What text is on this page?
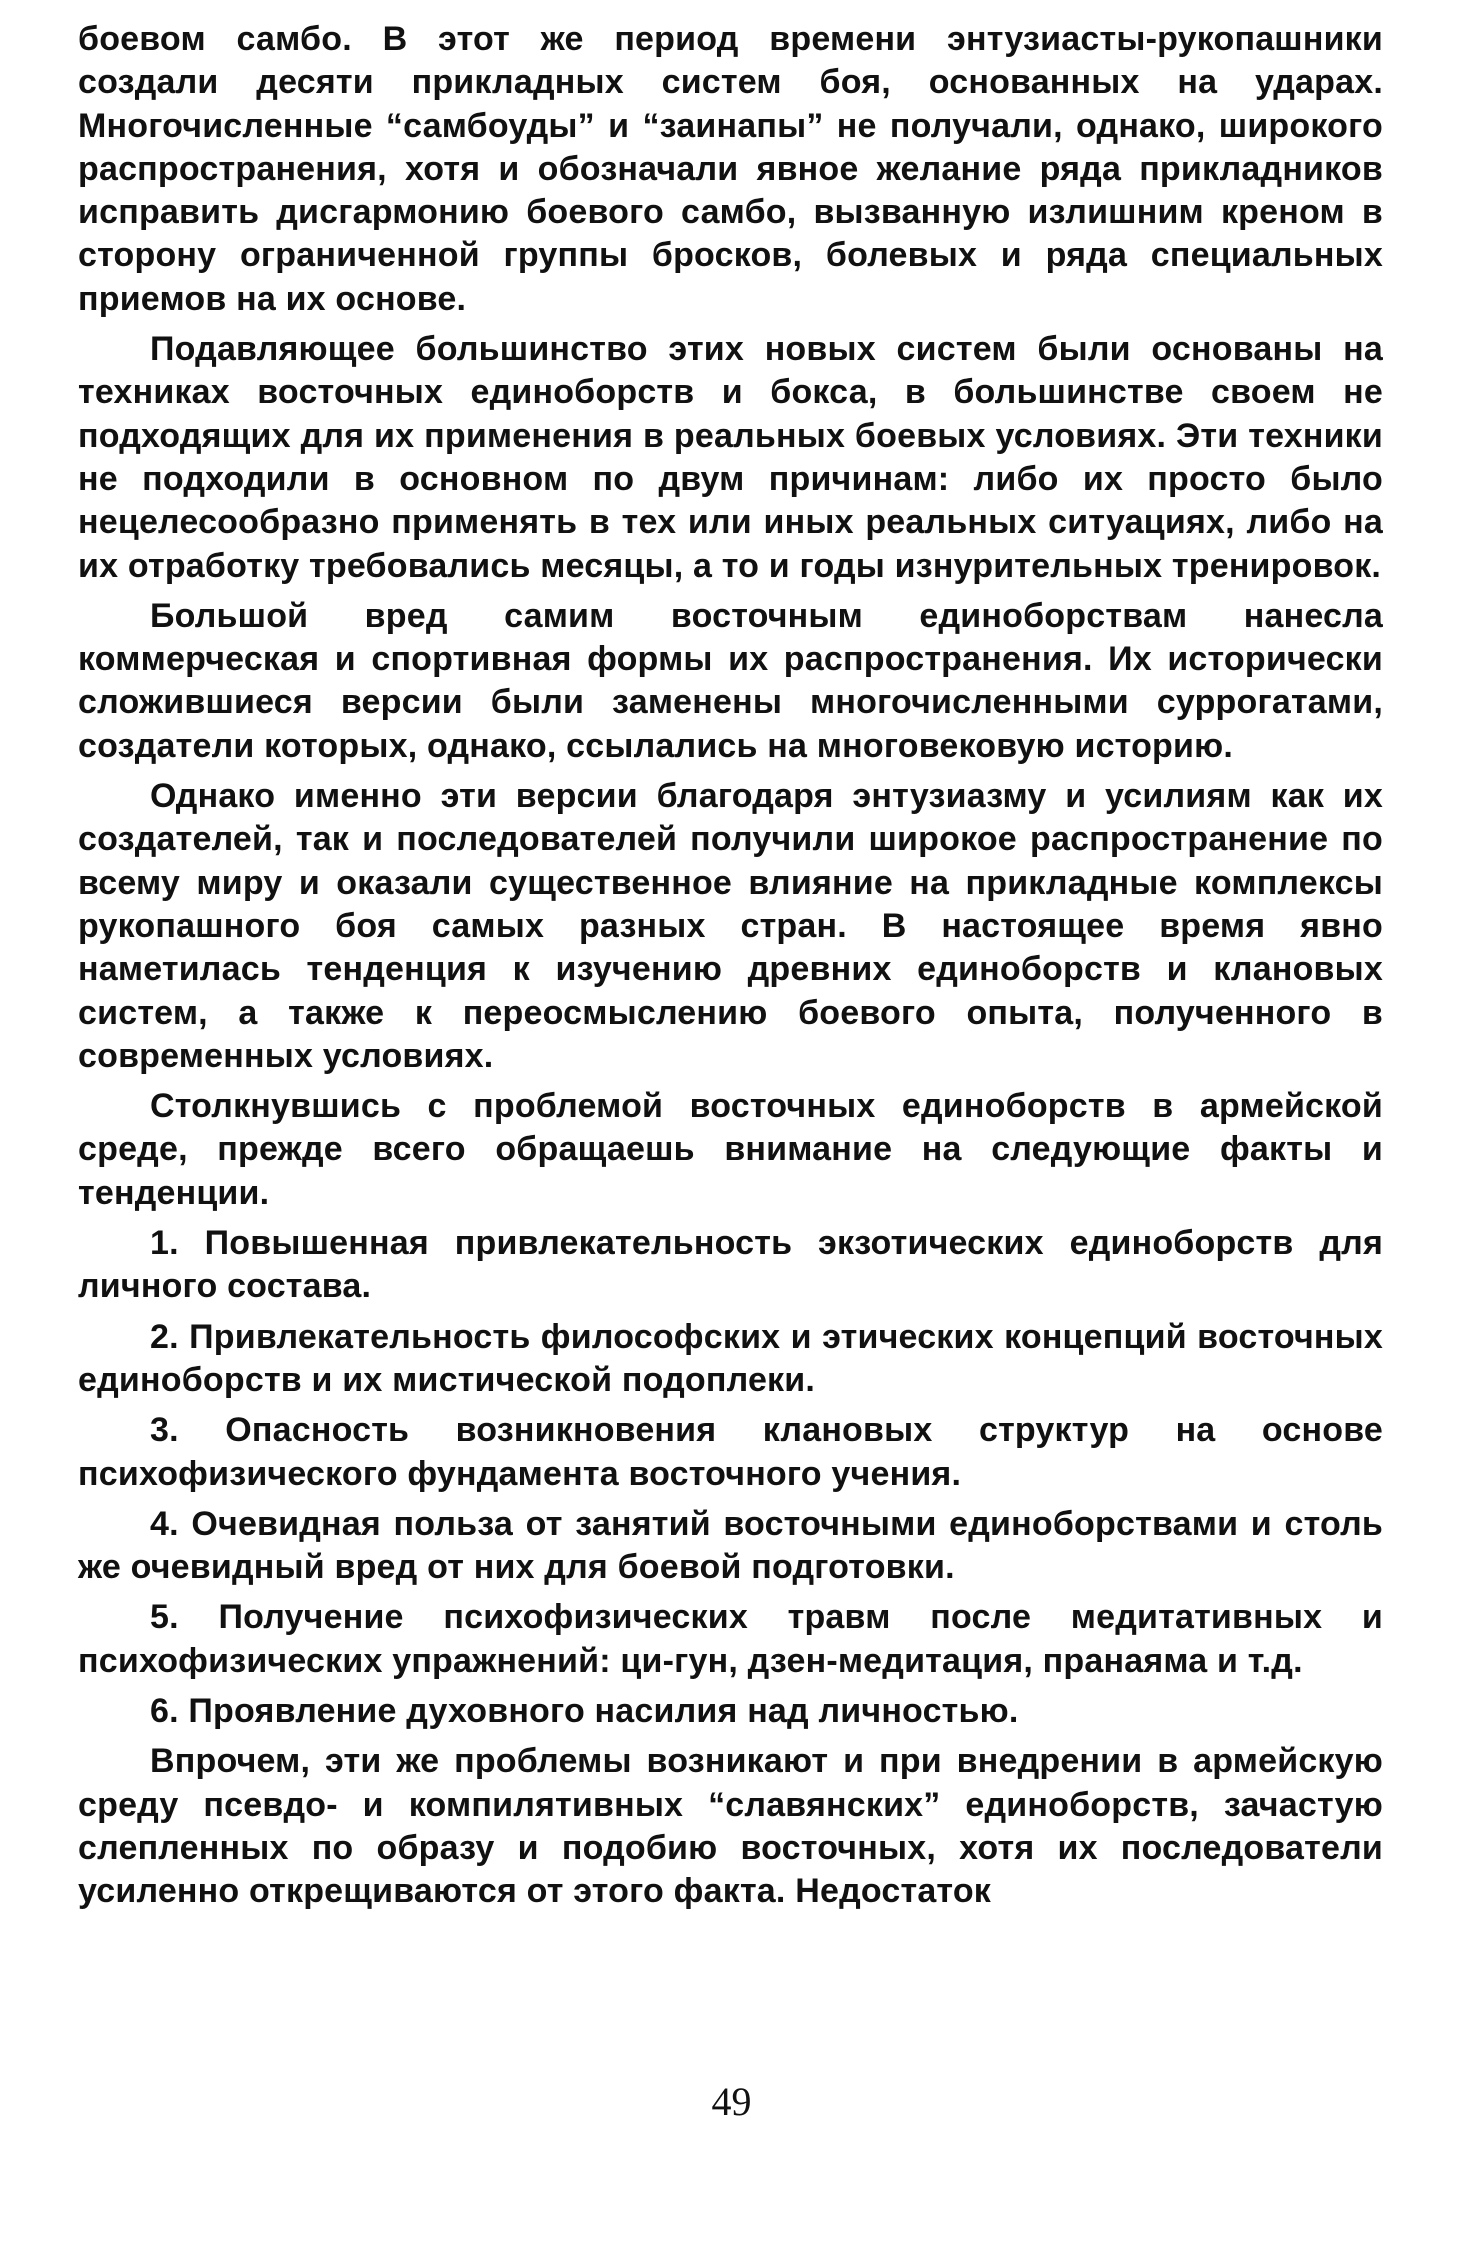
боевом самбо. В этот же период времени энтузиасты-рукопашники создали десяти прикладных систем боя, основанных на ударах. Многочисленные “самбоуды” и “заинапы” не получали, однако, широкого распространения, хотя и обозначали явное желание ряда прикладников исправить дисгармонию боевого самбо, вызванную излишним креном в сторону ограниченной группы бросков, болевых и ряда специальных приемов на их основе.

Подавляющее большинство этих новых систем были основаны на техниках восточных единоборств и бокса, в большинстве своем не подходящих для их применения в реальных боевых условиях. Эти техники не подходили в основном по двум причинам: либо их просто было нецелесообразно применять в тех или иных реальных ситуациях, либо на их отработку требовались месяцы, а то и годы изнурительных тренировок.

Большой вред самим восточным единоборствам нанесла коммерческая и спортивная формы их распространения. Их исторически сложившиеся версии были заменены многочисленными суррогатами, создатели которых, однако, ссылались на многовековую историю.

Однако именно эти версии благодаря энтузиазму и усилиям как их создателей, так и последователей получили широкое распространение по всему миру и оказали существенное влияние на прикладные комплексы рукопашного боя самых разных стран. В настоящее время явно наметилась тенденция к изучению древних единоборств и клановых систем, а также к переосмыслению боевого опыта, полученного в современных условиях.

Столкнувшись с проблемой восточных единоборств в армейской среде, прежде всего обращаешь внимание на следующие факты и тенденции.

1. Повышенная привлекательность экзотических единоборств для личного состава.

2. Привлекательность философских и этических концепций восточных единоборств и их мистической подоплеки.

3. Опасность возникновения клановых структур на основе психофизического фундамента восточного учения.

4. Очевидная польза от занятий восточными единоборствами и столь же очевидный вред от них для боевой подготовки.

5. Получение психофизических травм после медитативных и психофизических упражнений: ци-гун, дзен-медитация, пранаяма и т.д.

6. Проявление духовного насилия над личностью.

Впрочем, эти же проблемы возникают и при внедрении в армейскую среду псевдо- и компилятивных “славянских” единоборств, зачастую слепленных по образу и подобию восточных, хотя их последователи усиленно открещиваются от этого факта. Недостаток

49
